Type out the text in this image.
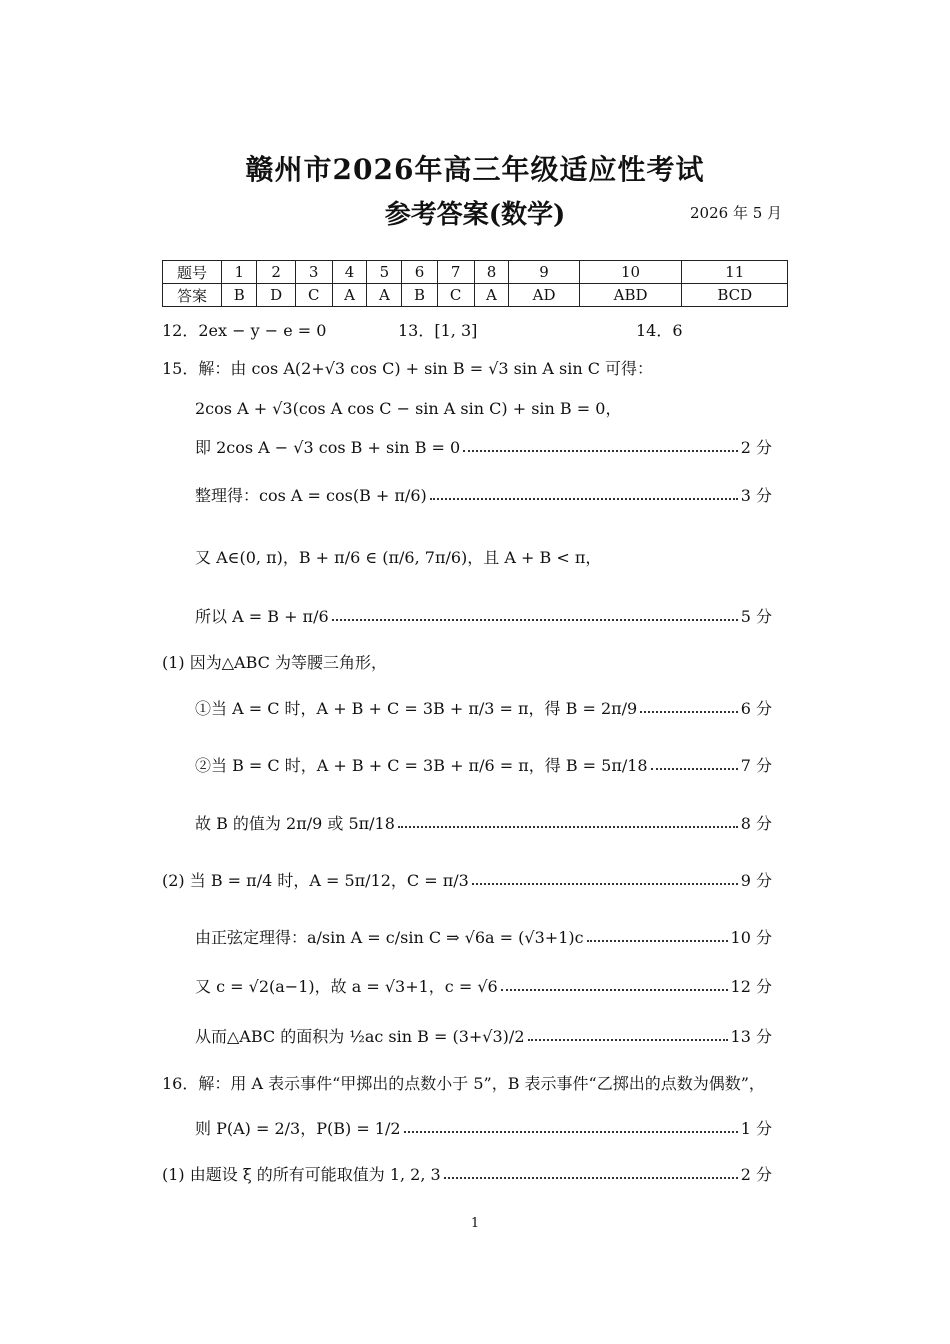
赣州市2026年高三年级适应性考试
参考答案(数学)	2026 年 5 月
题号	1	2	3	4	5	6	7	8	9	10	11
答案	B	D	C	A	A	B	C	A	AD	ABD	BCD
12．2ex − y − e = 0	13．[1, 3]	14．6
15．解：由 cos A(2+√3 cos C) + sin B = √3 sin A sin C 可得：
2cos A + √3(cos A cos C − sin A sin C) + sin B = 0，
即 2cos A − √3 cos B + sin B = 0	2 分
整理得：cos A = cos(B + π/6)	3 分
又 A∈(0, π)，B + π/6 ∈ (π/6, 7π/6)，且 A + B < π，
所以 A = B + π/6	5 分
(1) 因为△ABC 为等腰三角形，
①当 A = C 时，A + B + C = 3B + π/3 = π，得 B = 2π/9	6 分
②当 B = C 时，A + B + C = 3B + π/6 = π，得 B = 5π/18	7 分
故 B 的值为 2π/9 或 5π/18	8 分
(2) 当 B = π/4 时，A = 5π/12，C = π/3	9 分
由正弦定理得：a/sin A = c/sin C ⇒ √6a = (√3+1)c	10 分
又 c = √2(a−1)，故 a = √3+1，c = √6	12 分
从而△ABC 的面积为 ½ac sin B = (3+√3)/2	13 分
16．解：用 A 表示事件“甲掷出的点数小于 5”，B 表示事件“乙掷出的点数为偶数”，
则 P(A) = 2/3，P(B) = 1/2	1 分
(1) 由题设 ξ 的所有可能取值为 1, 2, 3	2 分
1
